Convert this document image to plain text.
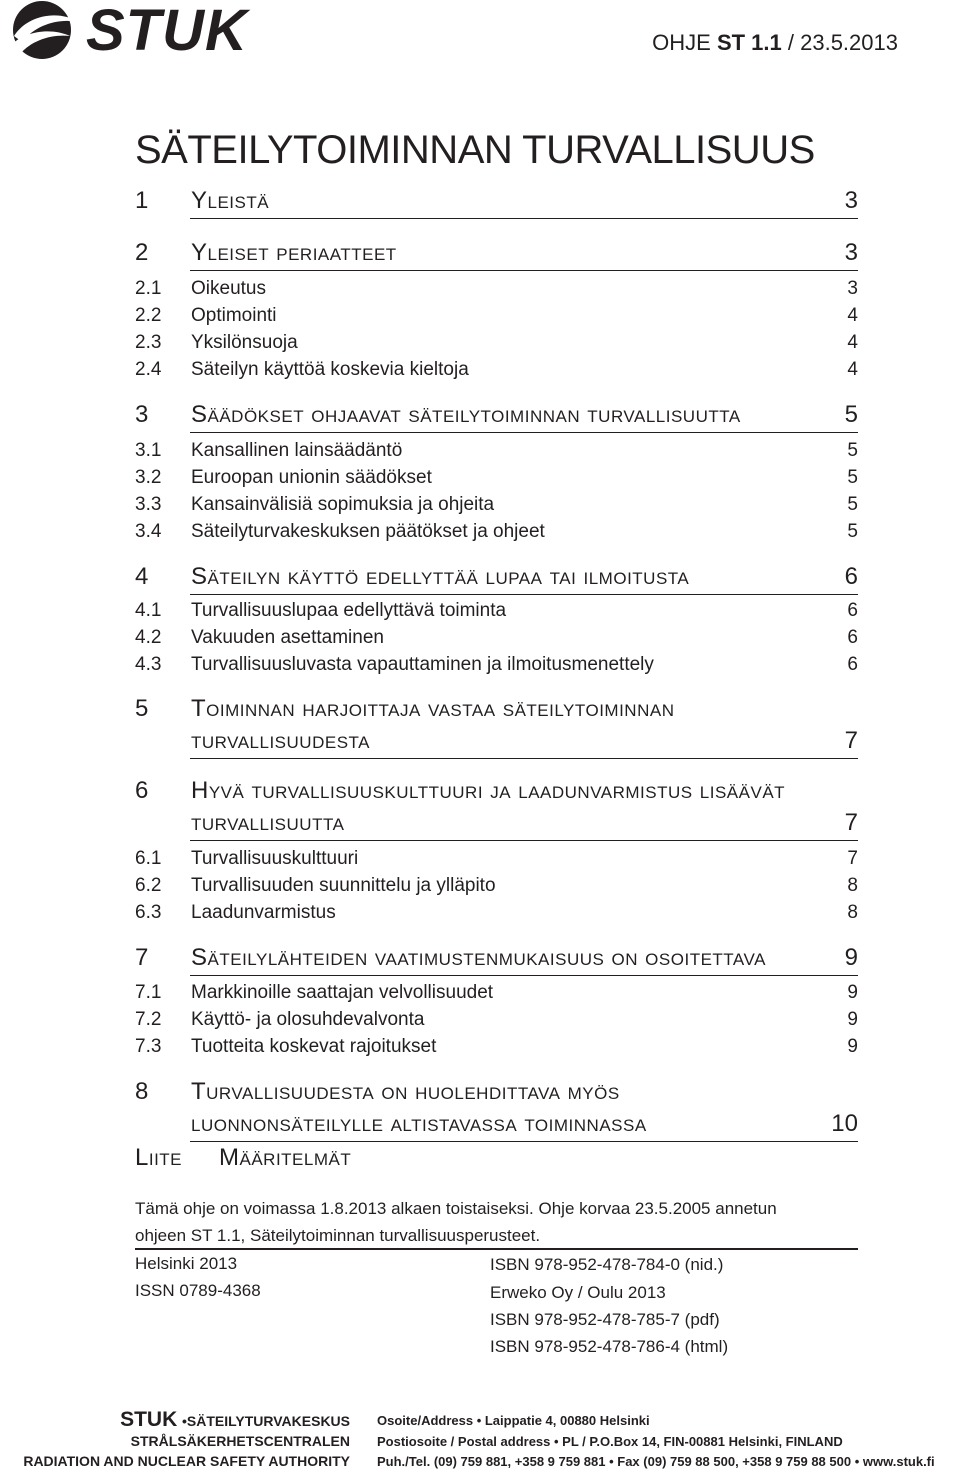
STUK	OHJE ST 1.1 / 23.5.2013
SÄTEILYTOIMINNAN TURVALLISUUS
1 Yleistä	3
2 Yleiset periaatteet	3
2.1 Oikeutus	3
2.2 Optimointi	4
2.3 Yksilönsuoja	4
2.4 Säteilyn käyttöä koskevia kieltoja	4
3 Säädökset ohjaavat säteilytoiminnan turvallisuutta	5
3.1 Kansallinen lainsäädäntö	5
3.2 Euroopan unionin säädökset	5
3.3 Kansainvälisiä sopimuksia ja ohjeita	5
3.4 Säteilyturvakeskuksen päätökset ja ohjeet	5
4 Säteilyn käyttö edellyttää lupaa tai ilmoitusta	6
4.1 Turvallisuuslupaa edellyttävä toiminta	6
4.2 Vakuuden asettaminen	6
4.3 Turvallisuusluvasta vapauttaminen ja ilmoitusmenettely	6
5 Toiminnan harjoittaja vastaa säteilytoiminnan
turvallisuudesta	7
6 Hyvä turvallisuuskulttuuri ja laadunvarmistus lisäävät
turvallisuutta	7
6.1 Turvallisuuskulttuuri	7
6.2 Turvallisuuden suunnittelu ja ylläpito	8
6.3 Laadunvarmistus	8
7 Säteilylähteiden vaatimustenmukaisuus on osoitettava	9
7.1 Markkinoille saattajan velvollisuudet	9
7.2 Käyttö- ja olosuhdevalvonta	9
7.3 Tuotteita koskevat rajoitukset	9
8 Turvallisuudesta on huolehdittava myös
luonnonsäteilylle altistavassa toiminnassa	10
Liite Määritelmät
Tämä ohje on voimassa 1.8.2013 alkaen toistaiseksi. Ohje korvaa 23.5.2005 annetun
ohjeen ST 1.1, Säteilytoiminnan turvallisuusperusteet.
Helsinki 2013
ISSN 0789-4368
ISBN 978-952-478-784-0 (nid.)
Erweko Oy / Oulu 2013
ISBN 978-952-478-785-7 (pdf)
ISBN 978-952-478-786-4 (html)
STUK •SÄTEILYTURVAKESKUS
STRÅLSÄKERHETSCENTRALEN
RADIATION AND NUCLEAR SAFETY AUTHORITY
Osoite/Address • Laippatie 4, 00880 Helsinki
Postiosoite / Postal address • PL / P.O.Box 14, FIN-00881 Helsinki, FINLAND
Puh./Tel. (09) 759 881, +358 9 759 881 • Fax (09) 759 88 500, +358 9 759 88 500 • www.stuk.fi
